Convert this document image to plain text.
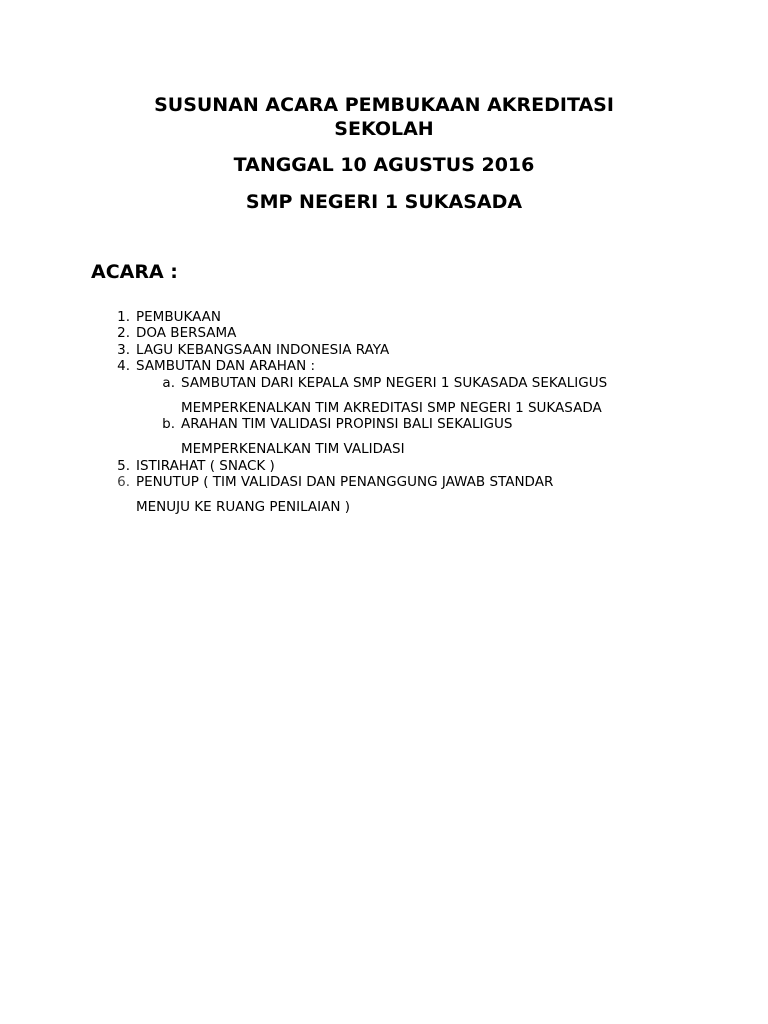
SUSUNAN ACARA PEMBUKAAN AKREDITASI
SEKOLAH
TANGGAL 10 AGUSTUS 2016
SMP NEGERI 1 SUKASADA
ACARA :
1. PEMBUKAAN
2. DOA BERSAMA
3. LAGU KEBANGSAAN INDONESIA RAYA
4. SAMBUTAN DAN ARAHAN :
a. SAMBUTAN DARI KEPALA SMP NEGERI 1 SUKASADA SEKALIGUS
MEMPERKENALKAN TIM AKREDITASI SMP NEGERI 1 SUKASADA
b. ARAHAN TIM VALIDASI PROPINSI BALI SEKALIGUS
MEMPERKENALKAN TIM VALIDASI
5. ISTIRAHAT ( SNACK )
6. PENUTUP ( TIM VALIDASI DAN PENANGGUNG JAWAB STANDAR
MENUJU KE RUANG PENILAIAN )
